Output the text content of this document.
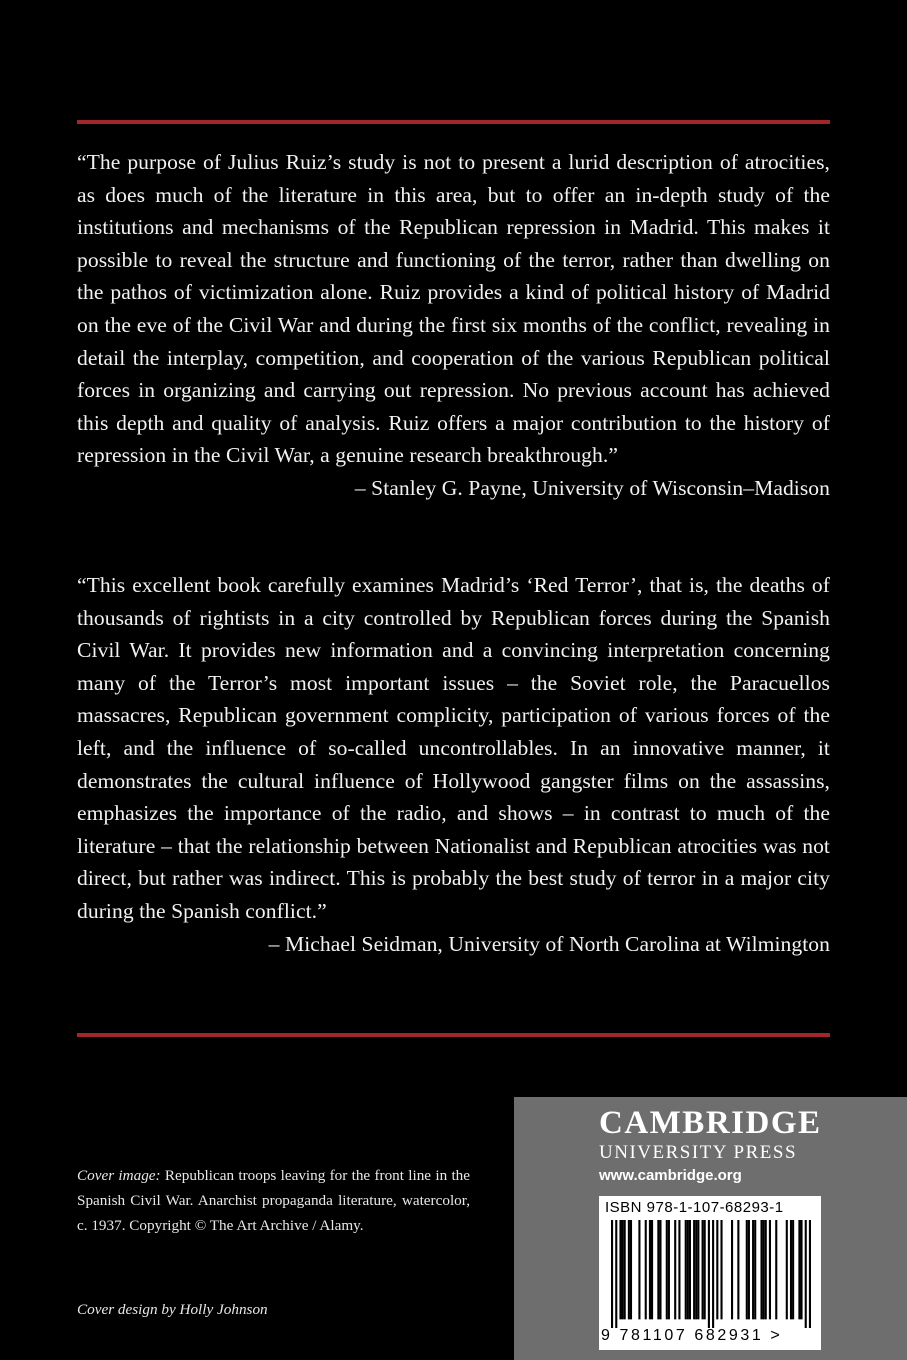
“The purpose of Julius Ruiz’s study is not to present a lurid description of atrocities, as does much of the literature in this area, but to offer an in-depth study of the institutions and mechanisms of the Republican repression in Madrid. This makes it possible to reveal the structure and functioning of the terror, rather than dwelling on the pathos of victimization alone. Ruiz provides a kind of political history of Madrid on the eve of the Civil War and during the first six months of the conflict, revealing in detail the interplay, competition, and cooperation of the various Republican political forces in organizing and carrying out repression. No previous account has achieved this depth and quality of analysis. Ruiz offers a major contribution to the history of repression in the Civil War, a genuine research breakthrough.”
– Stanley G. Payne, University of Wisconsin–Madison
“This excellent book carefully examines Madrid’s ‘Red Terror’, that is, the deaths of thousands of rightists in a city controlled by Republican forces during the Spanish Civil War. It provides new information and a convincing interpretation concerning many of the Terror’s most important issues – the Soviet role, the Paracuellos massacres, Republican government complicity, participation of various forces of the left, and the influence of so-called uncontrollables. In an innovative manner, it demonstrates the cultural influence of Hollywood gangster films on the assassins, emphasizes the importance of the radio, and shows – in contrast to much of the literature – that the relationship between Nationalist and Republican atrocities was not direct, but rather was indirect. This is probably the best study of terror in a major city during the Spanish conflict.”
– Michael Seidman, University of North Carolina at Wilmington
Cover image: Republican troops leaving for the front line in the Spanish Civil War. Anarchist propaganda literature, watercolor, c. 1937. Copyright © The Art Archive / Alamy.
Cover design by Holly Johnson
CAMBRIDGE
UNIVERSITY PRESS
www.cambridge.org
ISBN 978-1-107-68293-1
9 781107 682931 >
